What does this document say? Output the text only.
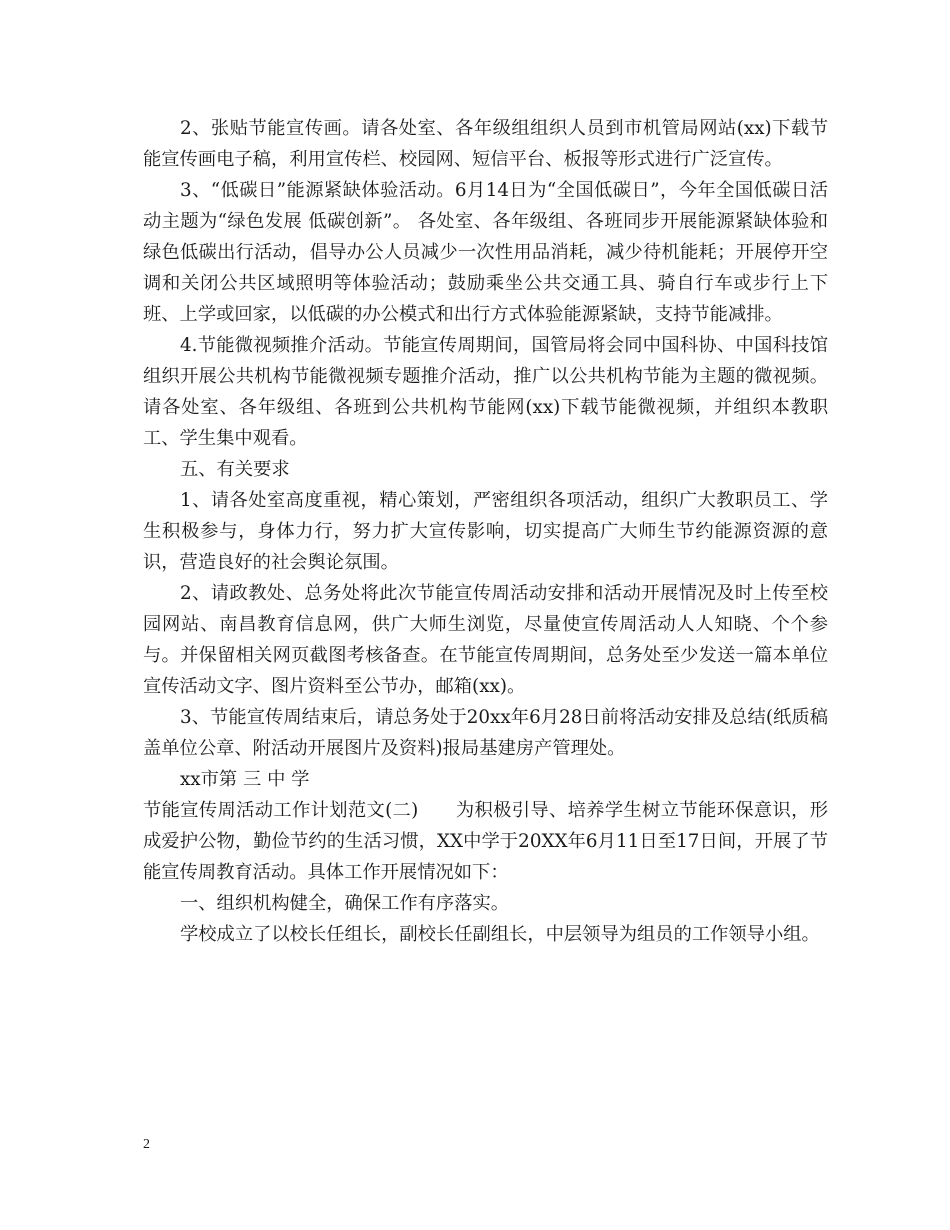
2、张贴节能宣传画。请各处室、各年级组组织人员到市机管局网站(xx)下载节能宣传画电子稿，利用宣传栏、校园网、短信平台、板报等形式进行广泛宣传。

3、“低碳日”能源紧缺体验活动。6月14日为“全国低碳日”，今年全国低碳日活动主题为“绿色发展 低碳创新”。 各处室、各年级组、各班同步开展能源紧缺体验和绿色低碳出行活动，倡导办公人员减少一次性用品消耗，减少待机能耗；开展停开空调和关闭公共区域照明等体验活动；鼓励乘坐公共交通工具、骑自行车或步行上下班、上学或回家，以低碳的办公模式和出行方式体验能源紧缺，支持节能减排。

4.节能微视频推介活动。节能宣传周期间，国管局将会同中国科协、中国科技馆组织开展公共机构节能微视频专题推介活动，推广以公共机构节能为主题的微视频。请各处室、各年级组、各班到公共机构节能网(xx)下载节能微视频，并组织本教职工、学生集中观看。

五、有关要求

1、请各处室高度重视，精心策划，严密组织各项活动，组织广大教职员工、学生积极参与，身体力行，努力扩大宣传影响，切实提高广大师生节约能源资源的意识，营造良好的社会舆论氛围。

2、请政教处、总务处将此次节能宣传周活动安排和活动开展情况及时上传至校园网站、南昌教育信息网，供广大师生浏览，尽量使宣传周活动人人知晓、个个参与。并保留相关网页截图考核备查。在节能宣传周期间，总务处至少发送一篇本单位宣传活动文字、图片资料至公节办，邮箱(xx)。

3、节能宣传周结束后，请总务处于20xx年6月28日前将活动安排及总结(纸质稿盖单位公章、附活动开展图片及资料)报局基建房产管理处。

xx市第 三 中 学

节能宣传周活动工作计划范文(二)　　为积极引导、培养学生树立节能环保意识，形成爱护公物，勤俭节约的生活习惯，XX中学于20XX年6月11日至17日间，开展了节能宣传周教育活动。具体工作开展情况如下：

一、组织机构健全，确保工作有序落实。

学校成立了以校长任组长，副校长任副组长，中层领导为组员的工作领导小组。

2
